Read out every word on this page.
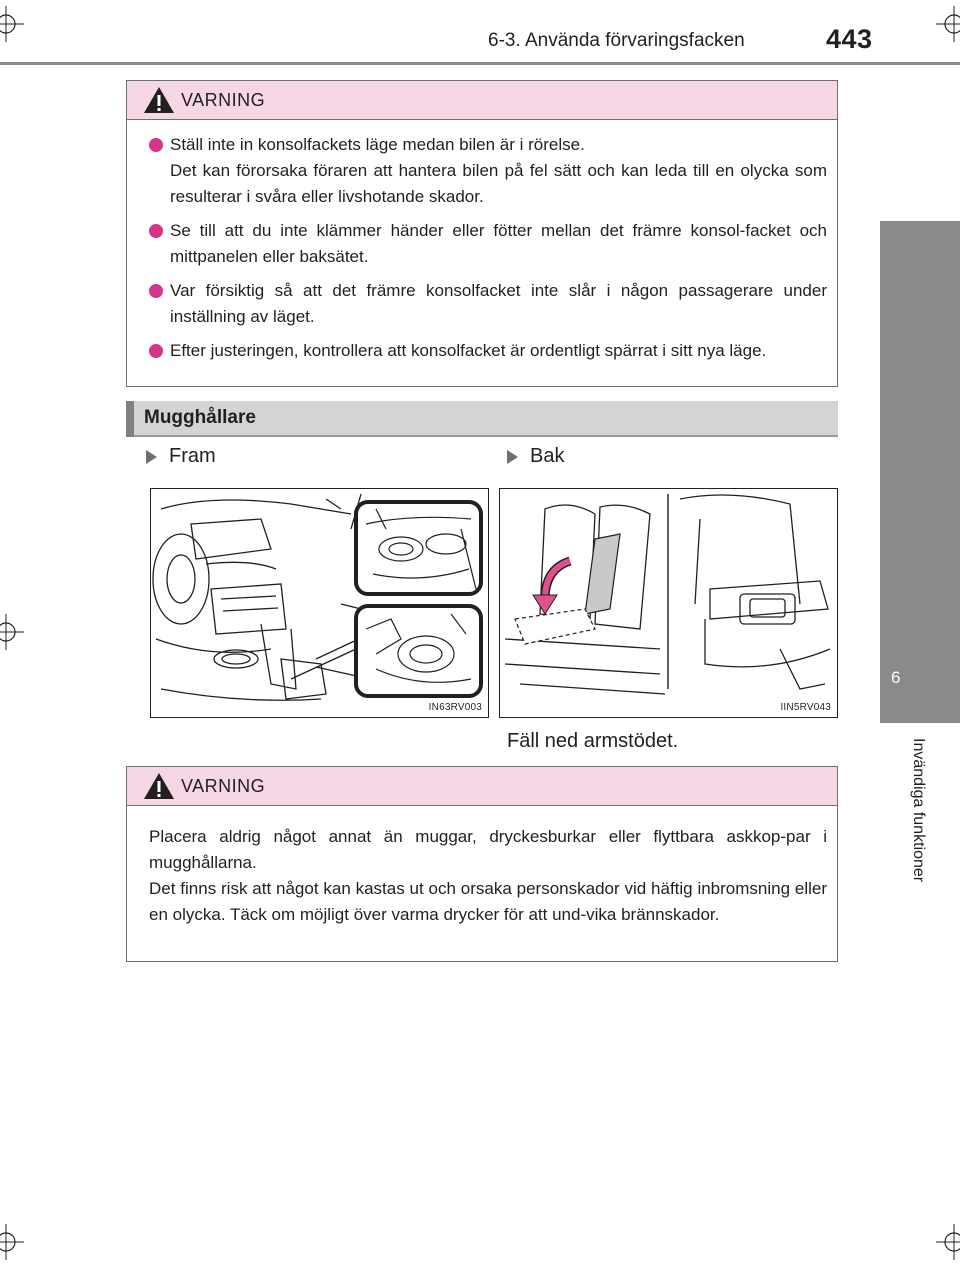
6-3. Använda förvaringsfacken	443
6
Invändiga funktioner
VARNING
Ställ inte in konsolfackets läge medan bilen är i rörelse.
Det kan förorsaka föraren att hantera bilen på fel sätt och kan leda till en olycka som resulterar i svåra eller livshotande skador.
Se till att du inte klämmer händer eller fötter mellan det främre konsol-facket och mittpanelen eller baksätet.
Var försiktig så att det främre konsolfacket inte slår i någon passagerare under inställning av läget.
Efter justeringen, kontrollera att konsolfacket är ordentligt spärrat i sitt nya läge.
Mugghållare
Fram	Bak
IN63RV003	IIN5RV043
Fäll ned armstödet.
VARNING

Placera aldrig något annat än muggar, dryckesburkar eller flyttbara askkop-par i mugghållarna.

Det finns risk att något kan kastas ut och orsaka personskador vid häftig inbromsning eller en olycka. Täck om möjligt över varma drycker för att und-vika brännskador.
